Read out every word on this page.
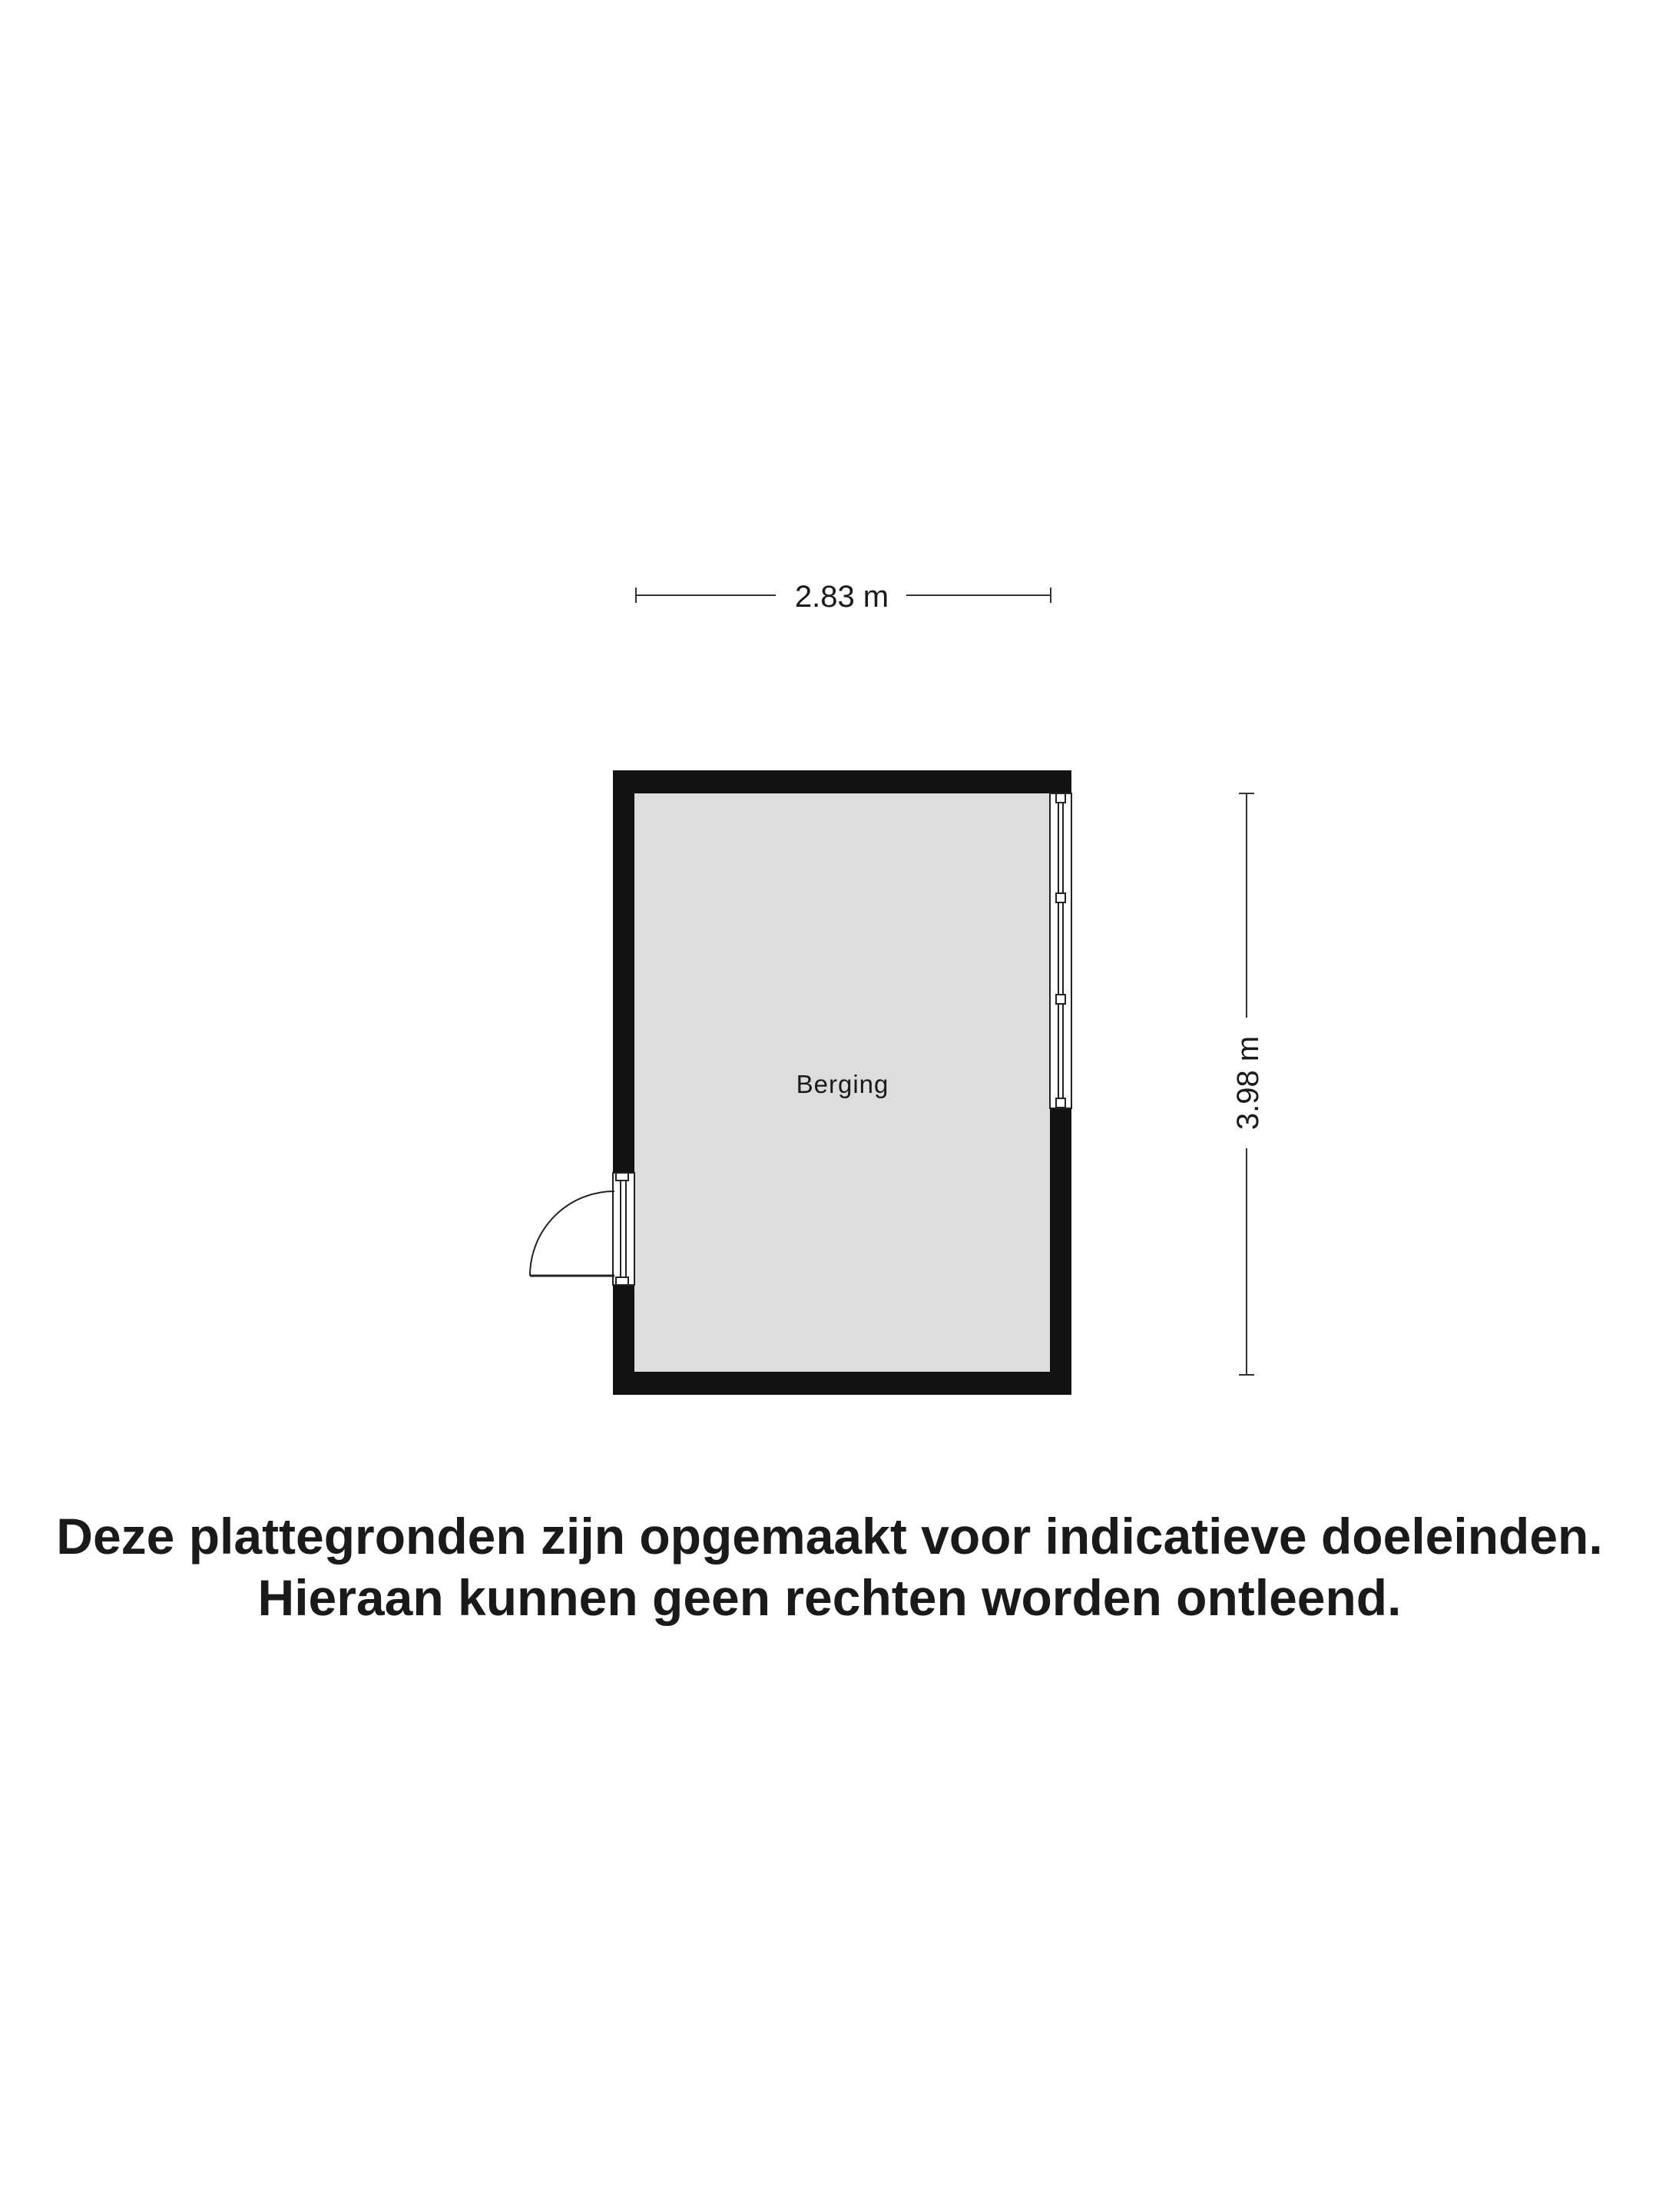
2.83 m
3.98 m
Berging
Deze plattegronden zijn opgemaakt voor indicatieve doeleinden.
Hieraan kunnen geen rechten worden ontleend.
